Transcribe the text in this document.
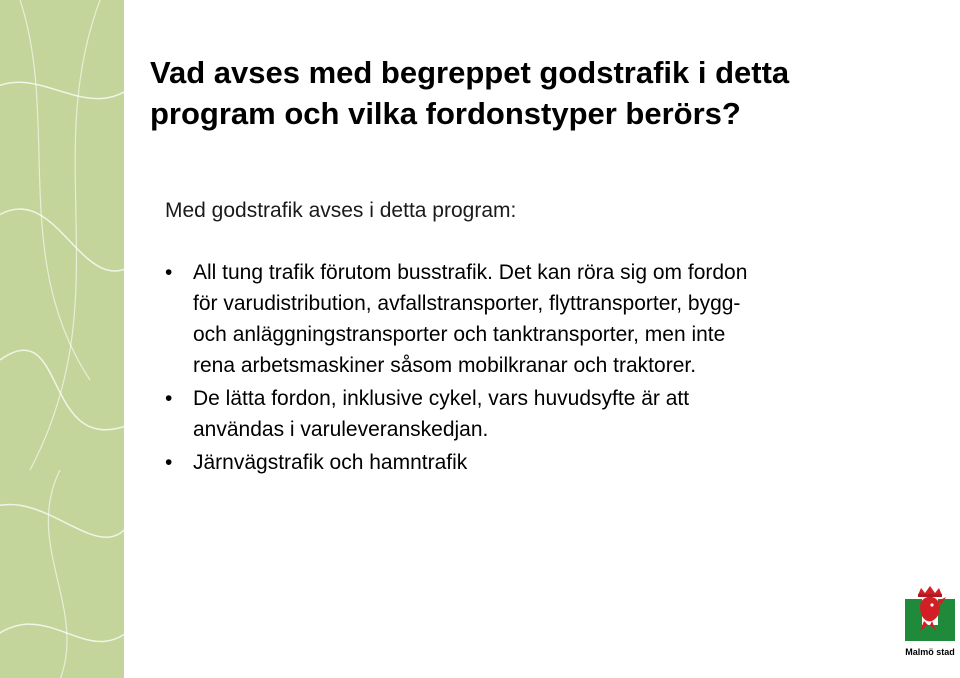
Vad avses med begreppet godstrafik i detta
program och vilka fordonstyper berörs?

Med godstrafik avses i detta program:

• All tung trafik förutom busstrafik. Det kan röra sig om fordon
för varudistribution, avfallstransporter, flyttransporter, bygg-
och anläggningstransporter och tanktransporter, men inte
rena arbetsmaskiner såsom mobilkranar och traktorer.
• De lätta fordon, inklusive cykel, vars huvudsyfte är att
användas i varuleveranskedjan.
• Järnvägstrafik och hamntrafik
Malmö stad
